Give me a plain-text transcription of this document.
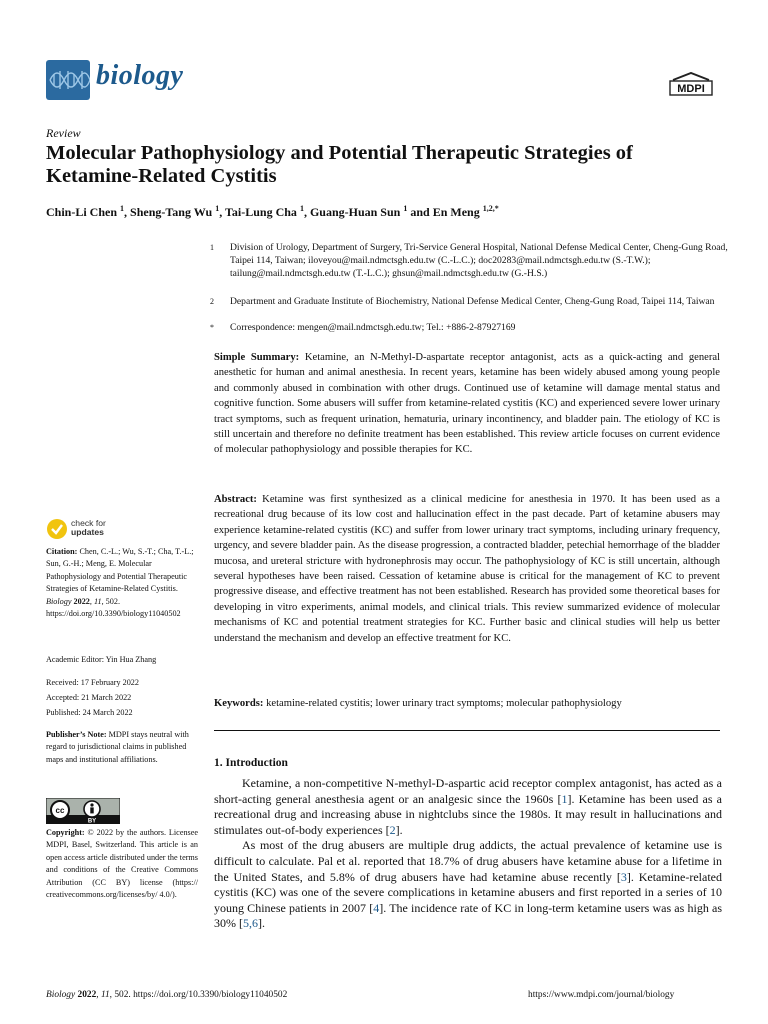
biology	MDPI
Review
Molecular Pathophysiology and Potential Therapeutic Strategies of Ketamine-Related Cystitis
Chin-Li Chen $^1$, Sheng-Tang Wu $^1$, Tai-Lung Cha $^1$, Guang-Huan Sun $^1$ and En Meng $^{1,2,*}$
1	Division of Urology, Department of Surgery, Tri-Service General Hospital, National Defense Medical Center, Cheng-Gung Road, Taipei 114, Taiwan; iloveyou@mail.ndmctsgh.edu.tw (C.-L.C.); doc20283@mail.ndmctsgh.edu.tw (S.-T.W.); tailung@mail.ndmctsgh.edu.tw (T.-L.C.); ghsun@mail.ndmctsgh.edu.tw (G.-H.S.)
2	Department and Graduate Institute of Biochemistry, National Defense Medical Center, Cheng-Gung Road, Taipei 114, Taiwan
*	Correspondence: mengen@mail.ndmctsgh.edu.tw; Tel.: +886-2-87927169
Simple Summary: Ketamine, an N-Methyl-D-aspartate receptor antagonist, acts as a quick-acting and general anesthetic for human and animal anesthesia. In recent years, ketamine has been widely abused among young people and commonly abused in combination with other drugs. Continued use of ketamine will damage mental status and cognitive function. Some abusers will suffer from ketamine-related cystitis (KC) and experienced severe lower urinary tract symptoms, such as frequent urination, hematuria, urinary incontinency, and bladder pain. The etiology of KC is still uncertain and therefore no definite treatment has been established. This review article focuses on current evidence of molecular pathophysiology and possible therapies for KC.
Abstract: Ketamine was first synthesized as a clinical medicine for anesthesia in 1970. It has been used as a recreational drug because of its low cost and hallucination effect in the past decade. Part of ketamine abusers may experience ketamine-related cystitis (KC) and suffer from lower urinary tract symptoms, including urinary frequency, urgency, and severe bladder pain. As the disease progression, a contracted bladder, petechial hemorrhage of the bladder mucosa, and ureteral stricture with hydronephrosis may occur. The pathophysiology of KC is still uncertain, although several hypotheses have been raised. Cessation of ketamine abuse is critical for the management of KC to prevent progressive disease, and effective treatment has not been established. Research has provided some theoretical bases for developing in vitro experiments, animal models, and clinical trials. This review summarized evidence of molecular mechanisms of KC and potential treatment strategies for KC. Further basic and clinical studies will help us better understand the mechanism and develop an effective treatment for KC.
Keywords: ketamine-related cystitis; lower urinary tract symptoms; molecular pathophysiology
1. Introduction

Ketamine, a non-competitive N-methyl-D-aspartic acid receptor complex antagonist, has acted as a short-acting general anesthesia agent or an analgesic since the 1960s [1]. Ketamine has been used as a recreational drug and increasing abuse in nightclubs since the 1980s. It may result in hallucinations and stimulates out-of-body experiences [2].

As most of the drug abusers are multiple drug addicts, the actual prevalence of ketamine use is difficult to calculate. Pal et al. reported that 18.7% of drug abusers have ketamine abuse for a lifetime in the United States, and 5.8% of drug abusers have had ketamine abuse recently [3]. Ketamine-related cystitis (KC) was one of the severe complications in ketamine abusers and first reported in a series of 10 young Chinese patients in 2007 [4]. The incidence rate of KC in long-term ketamine users was as high as 30% [5,6].

check for
updates
Citation: Chen, C.-L.; Wu, S.-T.; Cha, T.-L.; Sun, G.-H.; Meng, E. Molecular Pathophysiology and Potential Therapeutic Strategies of Ketamine-Related Cystitis. Biology 2022, 11, 502. https://doi.org/10.3390/biology11040502
Academic Editor: Yin Hua Zhang
Received: 17 February 2022
Accepted: 21 March 2022
Published: 24 March 2022
Publisher’s Note: MDPI stays neutral with regard to jurisdictional claims in published maps and institutional affiliations.
cc
BY
Copyright: © 2022 by the authors. Licensee MDPI, Basel, Switzerland. This article is an open access article distributed under the terms and conditions of the Creative Commons Attribution (CC BY) license (https:// creativecommons.org/licenses/by/ 4.0/).
Biology 2022, 11, 502. https://doi.org/10.3390/biology11040502	https://www.mdpi.com/journal/biology
